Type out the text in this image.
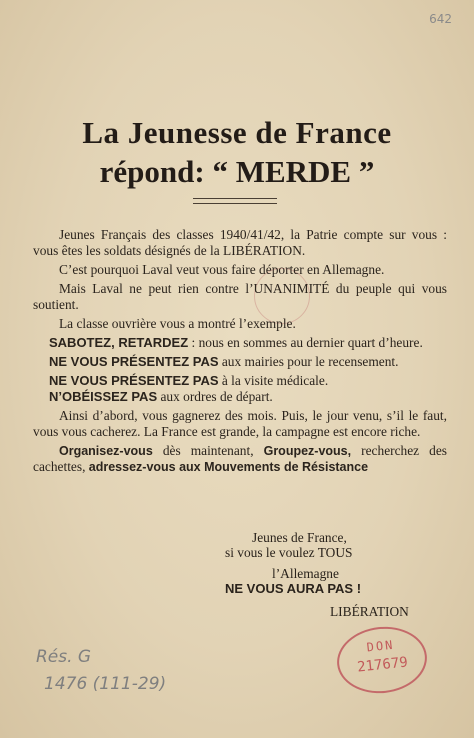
642
La Jeunesse de France
répond: “ MERDE ”

Jeunes Français des classes 1940/41/42, la Patrie compte sur vous : vous êtes les soldats désignés de la LIBÉRATION.

C’est pourquoi Laval veut vous faire déporter en Allemagne.

Mais Laval ne peut rien contre l’UNANIMITÉ du peuple qui vous soutient.

La classe ouvrière vous a montré l’exemple.

SABOTEZ, RETARDEZ : nous en sommes au dernier quart d’heure.

NE VOUS PRÉSENTEZ PAS aux mairies pour le recensement.

NE VOUS PRÉSENTEZ PAS à la visite médicale.

N’OBÉISSEZ PAS aux ordres de départ.

Ainsi d’abord, vous gagnerez des mois. Puis, le jour venu, s’il le faut, vous vous cacherez. La France est grande, la campagne est encore riche.

Organisez-vous dès maintenant, Groupez-vous, recherchez des cachettes, adressez-vous aux Mouvements de Résistance

Jeunes de France,

si vous le voulez TOUS

l’Allemagne

NE VOUS AURA PAS !

LIBÉRATION

DON
217679
Rés. G
1476 (111-29)
